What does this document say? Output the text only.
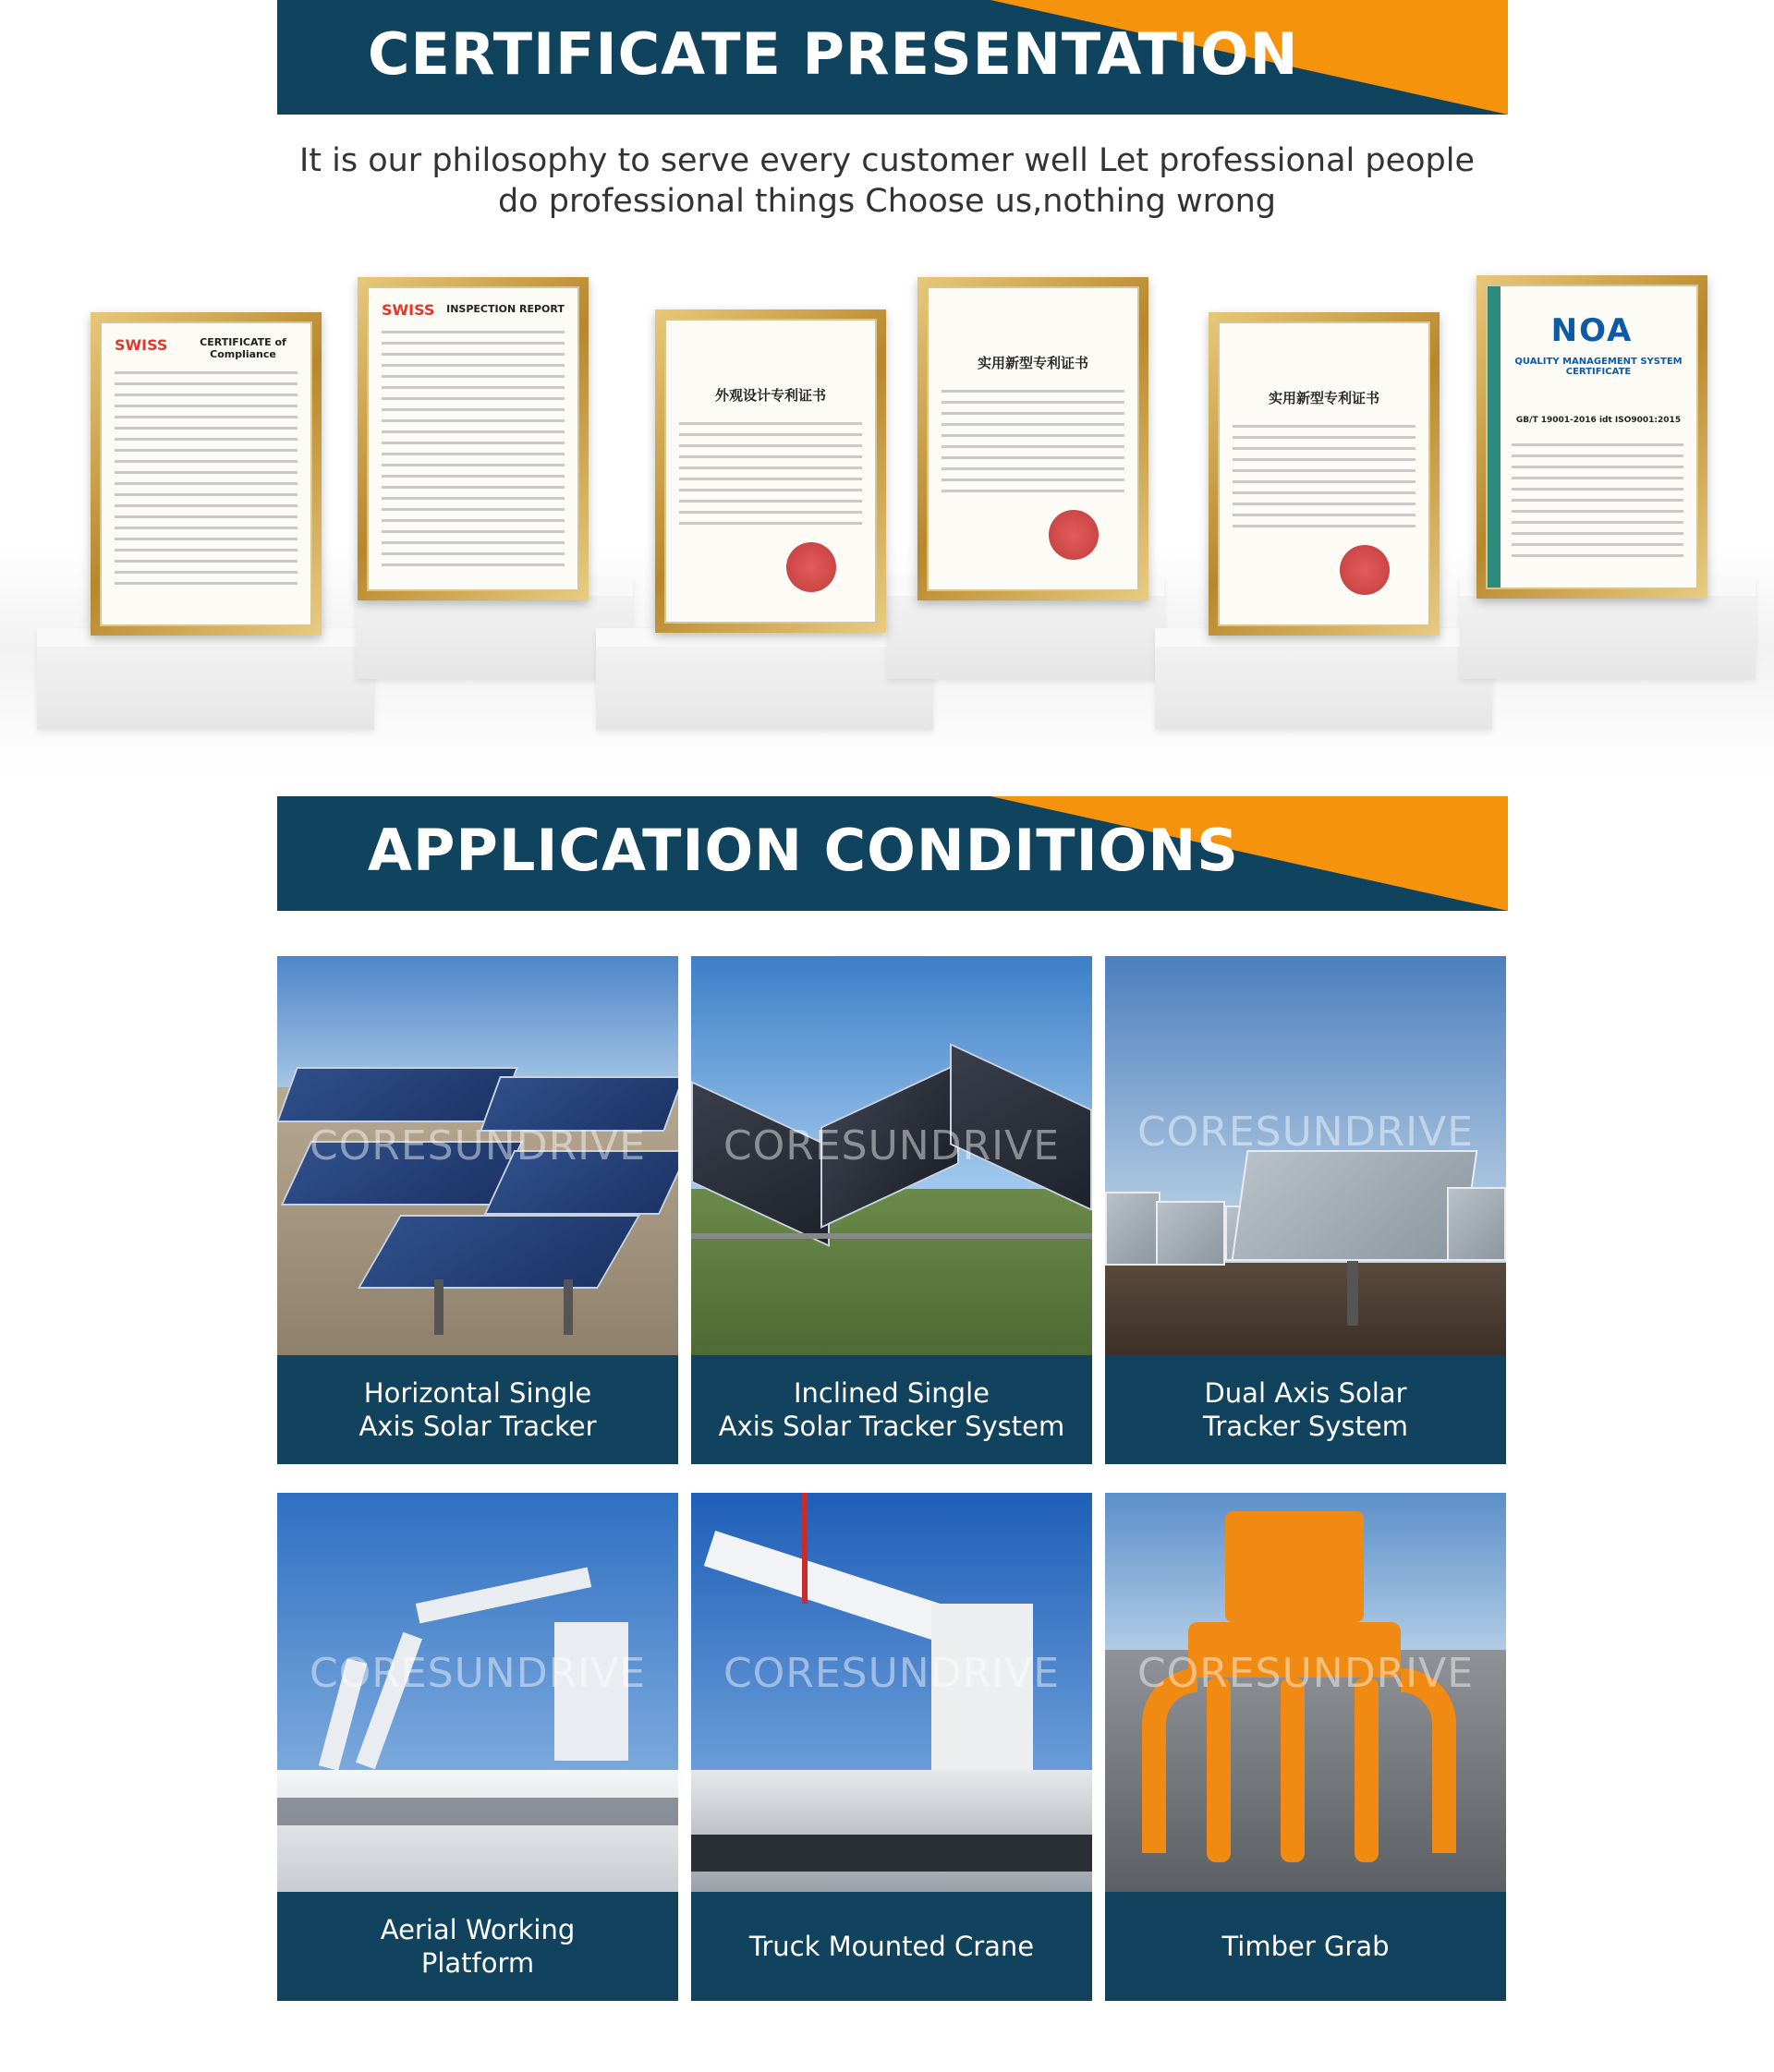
CERTIFICATE PRESENTATION
It is our philosophy to serve every customer well Let professional people
do professional things Choose us,nothing wrong
SWISS	CERTIFICATE of Compliance
SWISS	INSPECTION REPORT
外观设计专利证书
实用新型专利证书
实用新型专利证书
NOA
QUALITY MANAGEMENT SYSTEM CERTIFICATE
GB/T 19001-2016 idt ISO9001:2015
APPLICATION CONDITIONS
CORESUNDRIVE
Horizontal Single
Axis Solar Tracker
CORESUNDRIVE
Inclined Single
Axis Solar Tracker System
CORESUNDRIVE
Dual Axis Solar
Tracker System
CORESUNDRIVE
Aerial Working
Platform
CORESUNDRIVE
Truck Mounted Crane
CORESUNDRIVE
Timber Grab
